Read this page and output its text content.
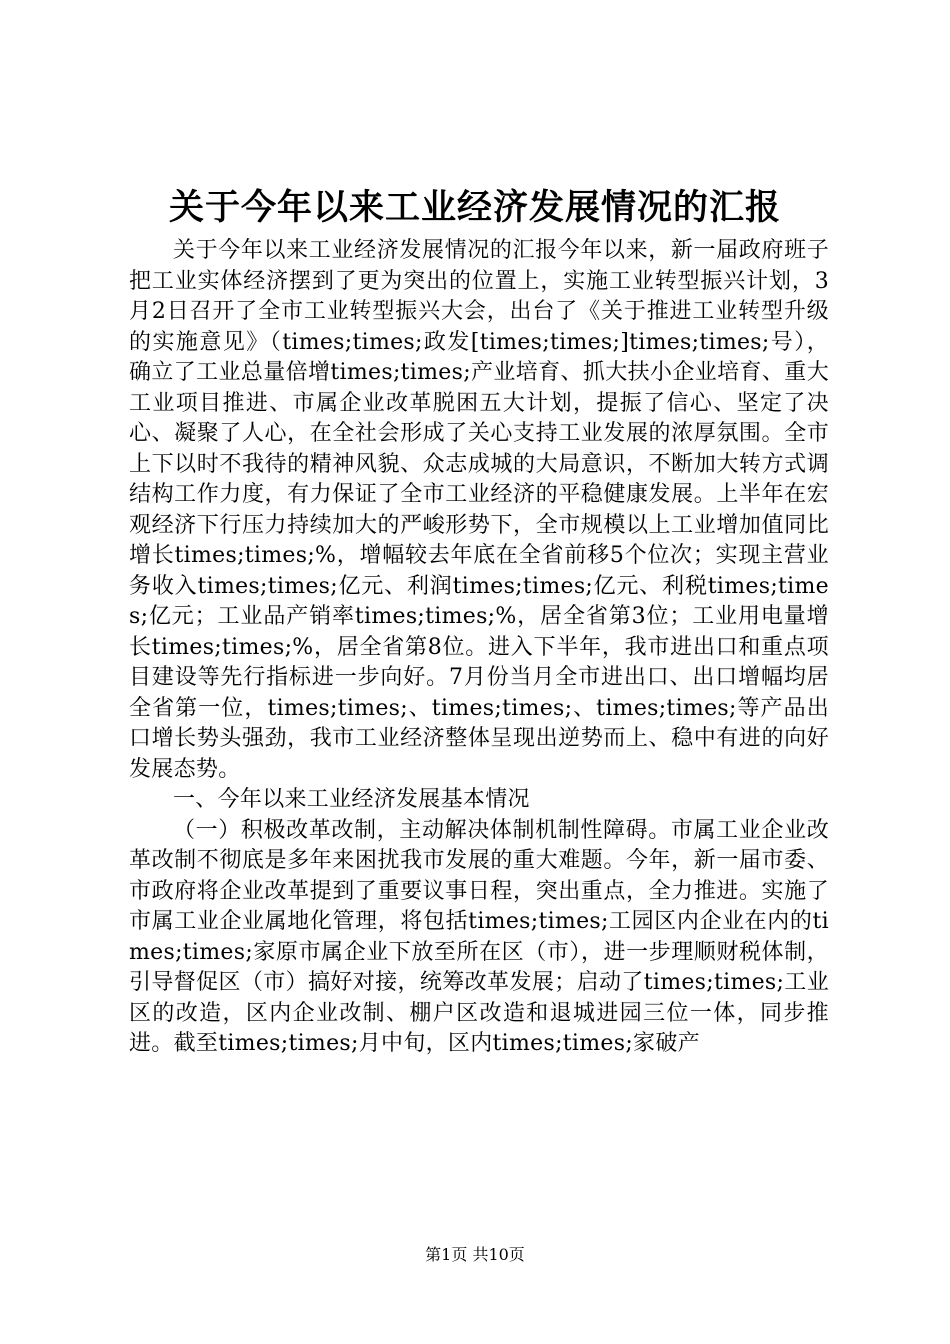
关于今年以来工业经济发展情况的汇报

关于今年以来工业经济发展情况的汇报今年以来，新一届政府班子把工业实体经济摆到了更为突出的位置上，实施工业转型振兴计划，3月2日召开了全市工业转型振兴大会，出台了《关于推进工业转型升级的实施意见》（times;times;政发[times;times;]times;times;号），确立了工业总量倍增times;times;产业培育、抓大扶小企业培育、重大工业项目推进、市属企业改革脱困五大计划，提振了信心、坚定了决心、凝聚了人心，在全社会形成了关心支持工业发展的浓厚氛围。全市上下以时不我待的精神风貌、众志成城的大局意识，不断加大转方式调结构工作力度，有力保证了全市工业经济的平稳健康发展。上半年在宏观经济下行压力持续加大的严峻形势下，全市规模以上工业增加值同比增长times;times;%，增幅较去年底在全省前移5个位次；实现主营业务收入times;times;亿元、利润times;times;亿元、利税times;times;亿元；工业品产销率times;times;%，居全省第3位；工业用电量增长times;times;%，居全省第8位。进入下半年，我市进出口和重点项目建设等先行指标进一步向好。7月份当月全市进出口、出口增幅均居全省第一位，times;times;、times;times;、times;times;等产品出口增长势头强劲，我市工业经济整体呈现出逆势而上、稳中有进的向好发展态势。

一、今年以来工业经济发展基本情况

（一）积极改革改制，主动解决体制机制性障碍。市属工业企业改革改制不彻底是多年来困扰我市发展的重大难题。今年，新一届市委、市政府将企业改革提到了重要议事日程，突出重点，全力推进。实施了市属工业企业属地化管理，将包括times;times;工园区内企业在内的times;times;家原市属企业下放至所在区（市），进一步理顺财税体制，引导督促区（市）搞好对接，统筹改革发展；启动了times;times;工业区的改造，区内企业改制、棚户区改造和退城进园三位一体，同步推进。截至times;times;月中旬，区内times;times;家破产

第1页 共10页
